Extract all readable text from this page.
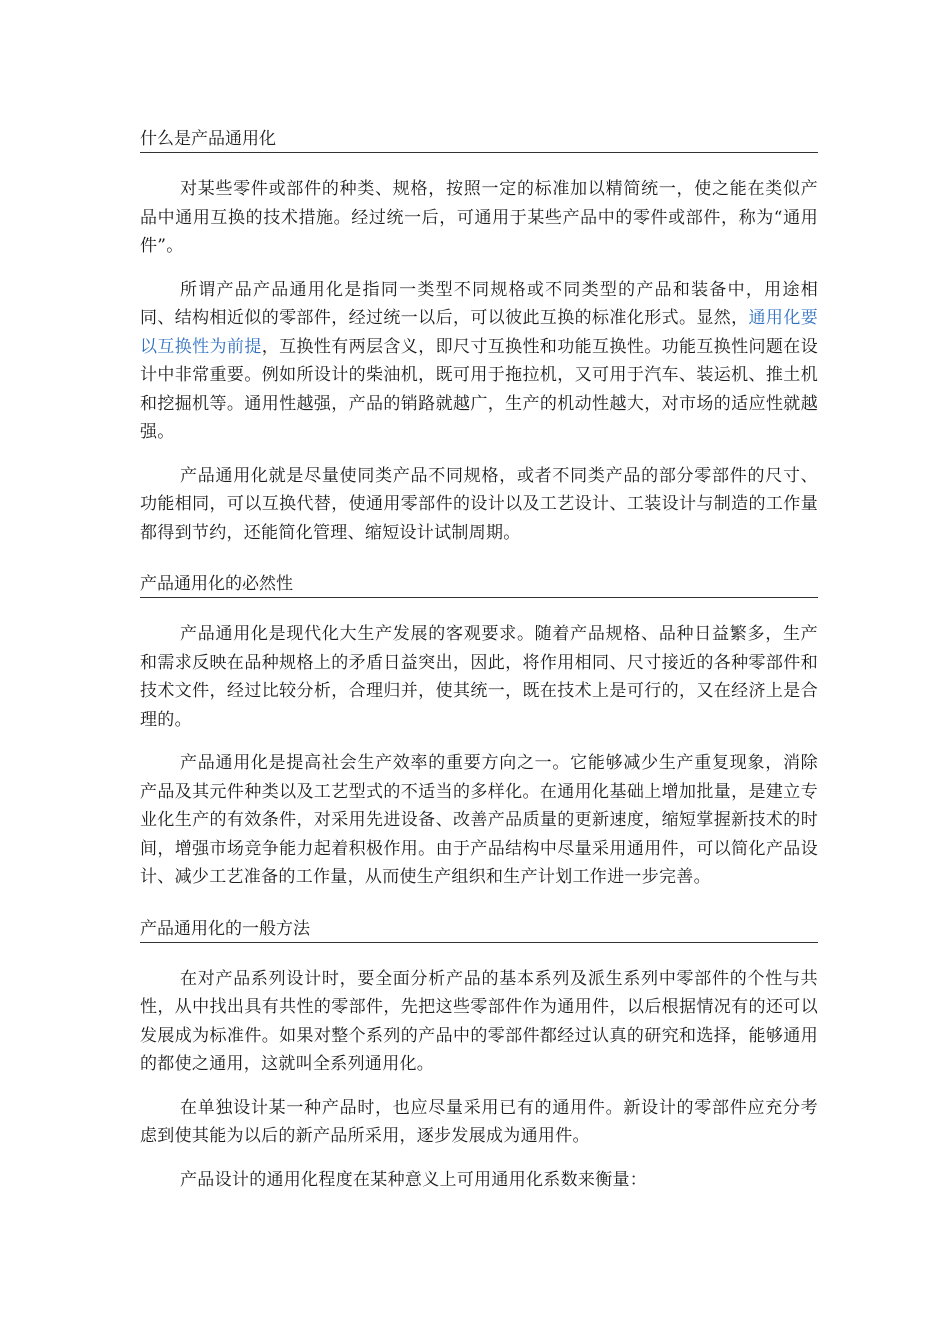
什么是产品通用化

对某些零件或部件的种类、规格，按照一定的标准加以精简统一，使之能在类似产品中通用互换的技术措施。经过统一后，可通用于某些产品中的零件或部件，称为“通用件”。

所谓产品产品通用化是指同一类型不同规格或不同类型的产品和装备中，用途相同、结构相近似的零部件，经过统一以后，可以彼此互换的标准化形式。显然，通用化要以互换性为前提，互换性有两层含义，即尺寸互换性和功能互换性。功能互换性问题在设计中非常重要。例如所设计的柴油机，既可用于拖拉机，又可用于汽车、装运机、推土机和挖掘机等。通用性越强，产品的销路就越广，生产的机动性越大，对市场的适应性就越强。

产品通用化就是尽量使同类产品不同规格，或者不同类产品的部分零部件的尺寸、功能相同，可以互换代替，使通用零部件的设计以及工艺设计、工装设计与制造的工作量都得到节约，还能简化管理、缩短设计试制周期。

产品通用化的必然性

产品通用化是现代化大生产发展的客观要求。随着产品规格、品种日益繁多，生产和需求反映在品种规格上的矛盾日益突出，因此，将作用相同、尺寸接近的各种零部件和技术文件，经过比较分析，合理归并，使其统一，既在技术上是可行的，又在经济上是合理的。

产品通用化是提高社会生产效率的重要方向之一。它能够减少生产重复现象，消除产品及其元件种类以及工艺型式的不适当的多样化。在通用化基础上增加批量，是建立专业化生产的有效条件，对采用先进设备、改善产品质量的更新速度，缩短掌握新技术的时间，增强市场竞争能力起着积极作用。由于产品结构中尽量采用通用件，可以简化产品设计、减少工艺准备的工作量，从而使生产组织和生产计划工作进一步完善。

产品通用化的一般方法

在对产品系列设计时，要全面分析产品的基本系列及派生系列中零部件的个性与共性，从中找出具有共性的零部件，先把这些零部件作为通用件，以后根据情况有的还可以发展成为标准件。如果对整个系列的产品中的零部件都经过认真的研究和选择，能够通用的都使之通用，这就叫全系列通用化。

在单独设计某一种产品时，也应尽量采用已有的通用件。新设计的零部件应充分考虑到使其能为以后的新产品所采用，逐步发展成为通用件。

产品设计的通用化程度在某种意义上可用通用化系数来衡量：
